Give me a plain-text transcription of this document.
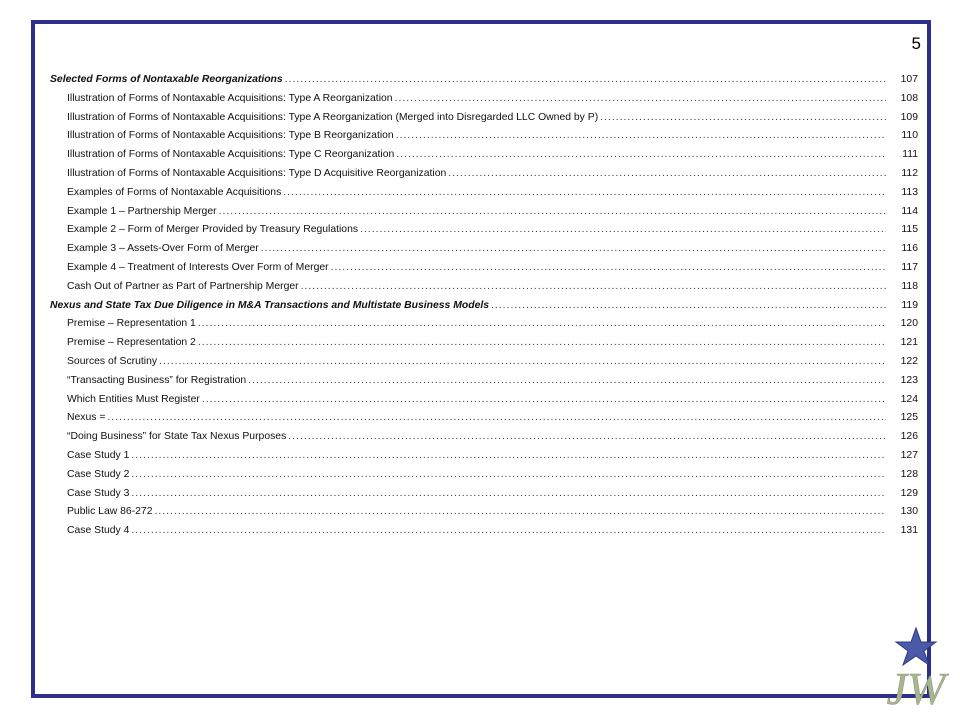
5
Selected Forms of Nontaxable Reorganizations .....	107
Illustration of Forms of Nontaxable Acquisitions: Type A Reorganization .....	108
Illustration of Forms of Nontaxable Acquisitions: Type A Reorganization (Merged into Disregarded LLC Owned by P) .....	109
Illustration of Forms of Nontaxable Acquisitions: Type B Reorganization .....	110
Illustration of Forms of Nontaxable Acquisitions: Type C Reorganization .....	111
Illustration of Forms of Nontaxable Acquisitions: Type D Acquisitive Reorganization .....	112
Examples of Forms of Nontaxable Acquisitions .....	113
Example 1 – Partnership Merger .....	114
Example 2 – Form of Merger Provided by Treasury Regulations .....	115
Example 3 – Assets-Over Form of Merger .....	116
Example 4 – Treatment of Interests Over Form of Merger .....	117
Cash Out of Partner as Part of Partnership Merger .....	118
Nexus and State Tax Due Diligence in M&A Transactions and Multistate Business Models .....	119
Premise – Representation 1 .....	120
Premise – Representation 2 .....	121
Sources of Scrutiny .....	122
“Transacting Business” for Registration .....	123
Which Entities Must Register .....	124
Nexus = .....	125
“Doing Business” for State Tax Nexus Purposes .....	126
Case Study 1 .....	127
Case Study 2 .....	128
Case Study 3 .....	129
Public Law 86-272 .....	130
Case Study 4 .....	131
JW
